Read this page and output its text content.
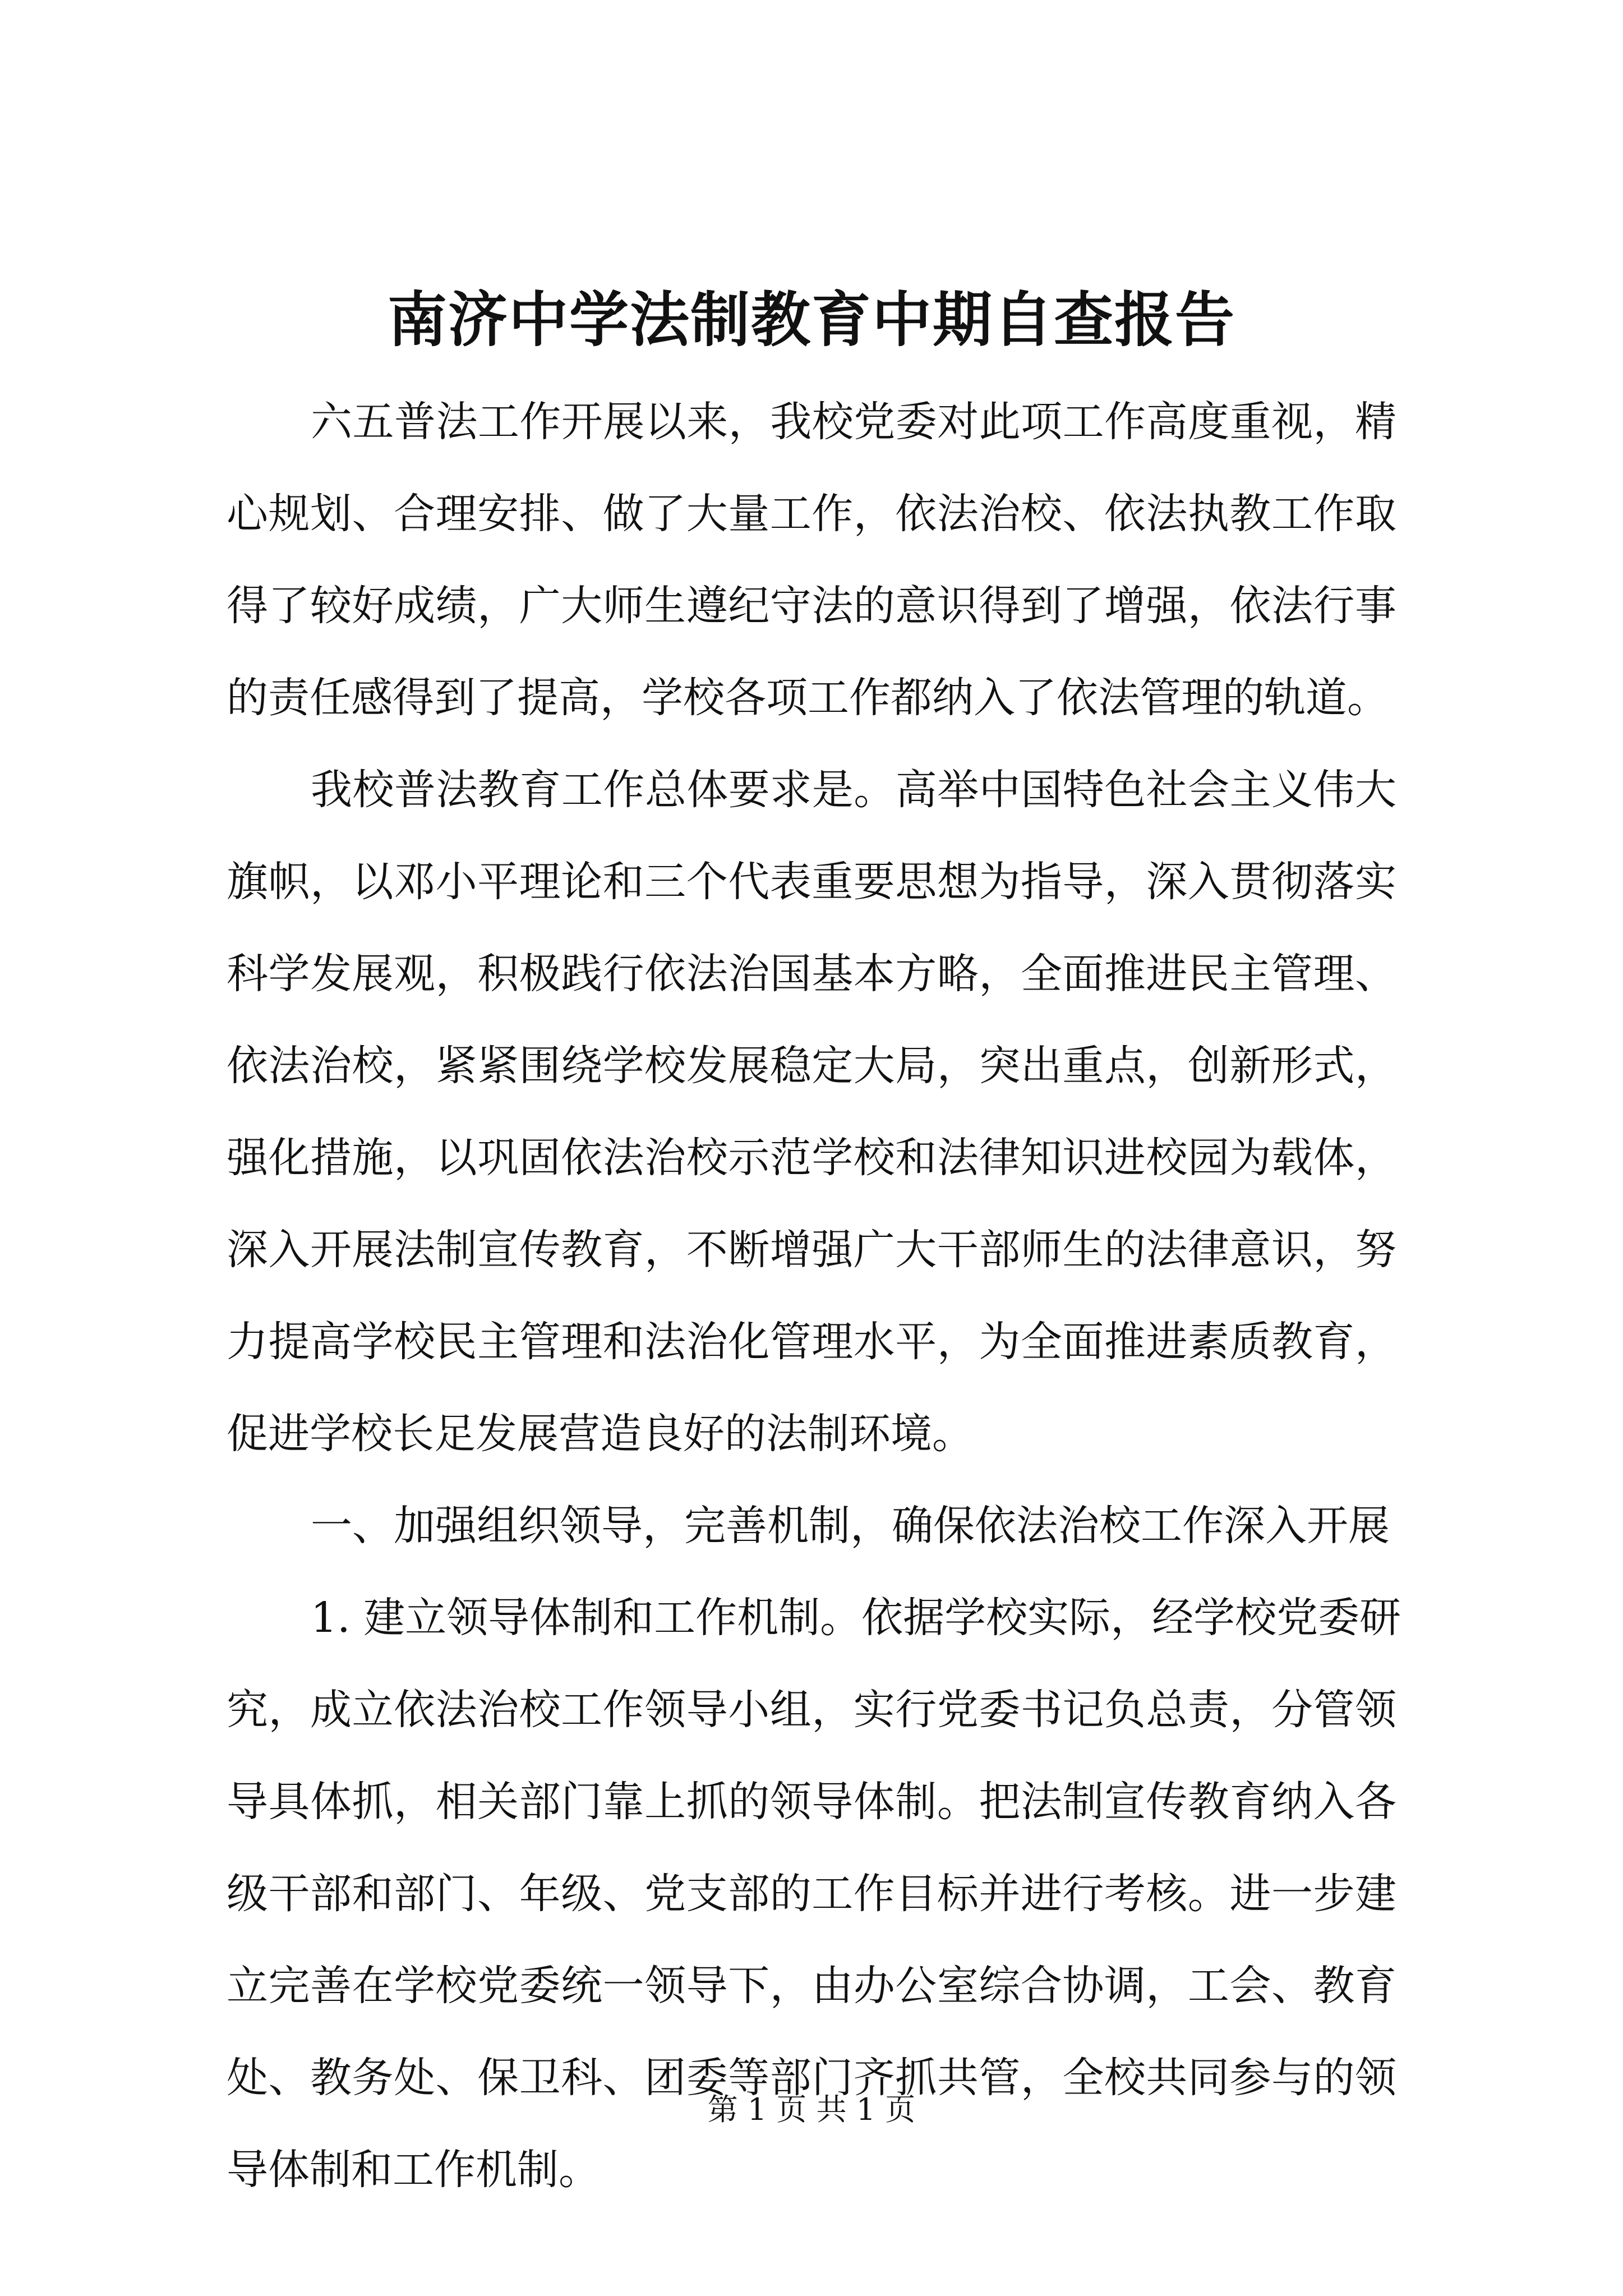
南济中学法制教育中期自查报告

六五普法工作开展以来，我校党委对此项工作高度重视，精
心规划、合理安排、做了大量工作，依法治校、依法执教工作取
得了较好成绩，广大师生遵纪守法的意识得到了增强，依法行事
的责任感得到了提高，学校各项工作都纳入了依法管理的轨道。

我校普法教育工作总体要求是。高举中国特色社会主义伟大
旗帜，以邓小平理论和三个代表重要思想为指导，深入贯彻落实
科学发展观，积极践行依法治国基本方略，全面推进民主管理、
依法治校，紧紧围绕学校发展稳定大局，突出重点，创新形式，
强化措施，以巩固依法治校示范学校和法律知识进校园为载体，
深入开展法制宣传教育，不断增强广大干部师生的法律意识，努
力提高学校民主管理和法治化管理水平，为全面推进素质教育，
促进学校长足发展营造良好的法制环境。

一、加强组织领导，完善机制，确保依法治校工作深入开展

1. 建立领导体制和工作机制。依据学校实际，经学校党委研
究，成立依法治校工作领导小组，实行党委书记负总责，分管领
导具体抓，相关部门靠上抓的领导体制。把法制宣传教育纳入各
级干部和部门、年级、党支部的工作目标并进行考核。进一步建
立完善在学校党委统一领导下，由办公室综合协调，工会、教育
处、教务处、保卫科、团委等部门齐抓共管，全校共同参与的领
导体制和工作机制。

第 1 页 共 1 页
